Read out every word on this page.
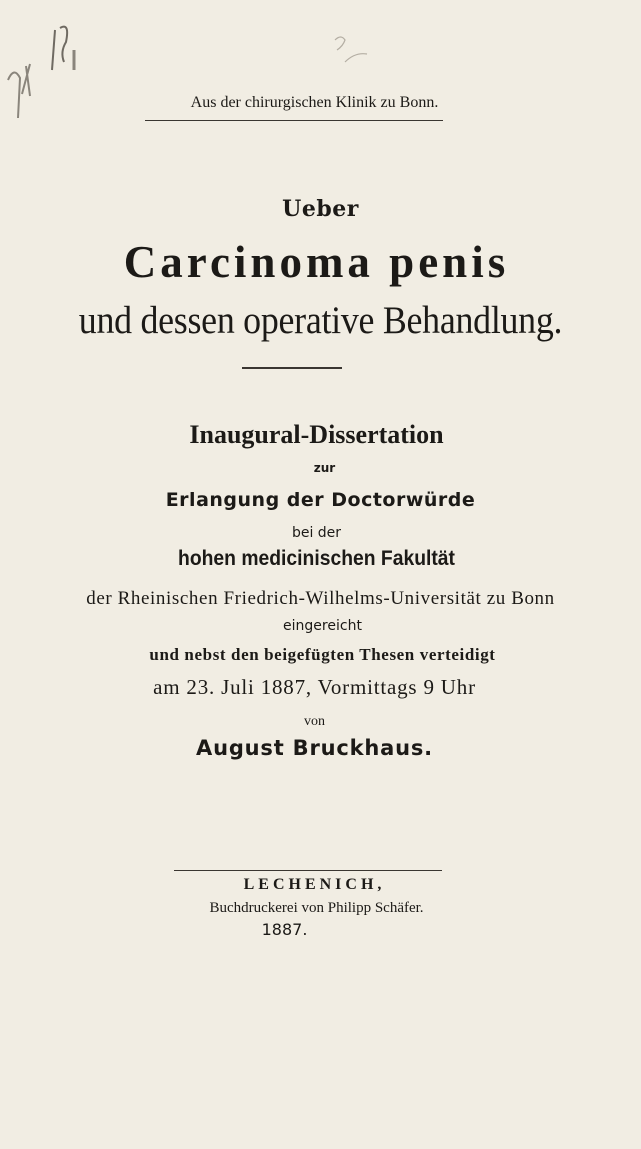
Aus der chirurgischen Klinik zu Bonn.
Ueber
Carcinoma penis
und dessen operative Behandlung.
Inaugural-Dissertation
zur
Erlangung der Doctorwürde
bei der
hohen medicinischen Fakultät
der Rheinischen Friedrich-Wilhelms-Universität zu Bonn
eingereicht
und nebst den beigefügten Thesen verteidigt
am 23. Juli 1887, Vormittags 9 Uhr
von
August Bruckhaus.
LECHENICH,
Buchdruckerei von Philipp Schäfer.
1887.
